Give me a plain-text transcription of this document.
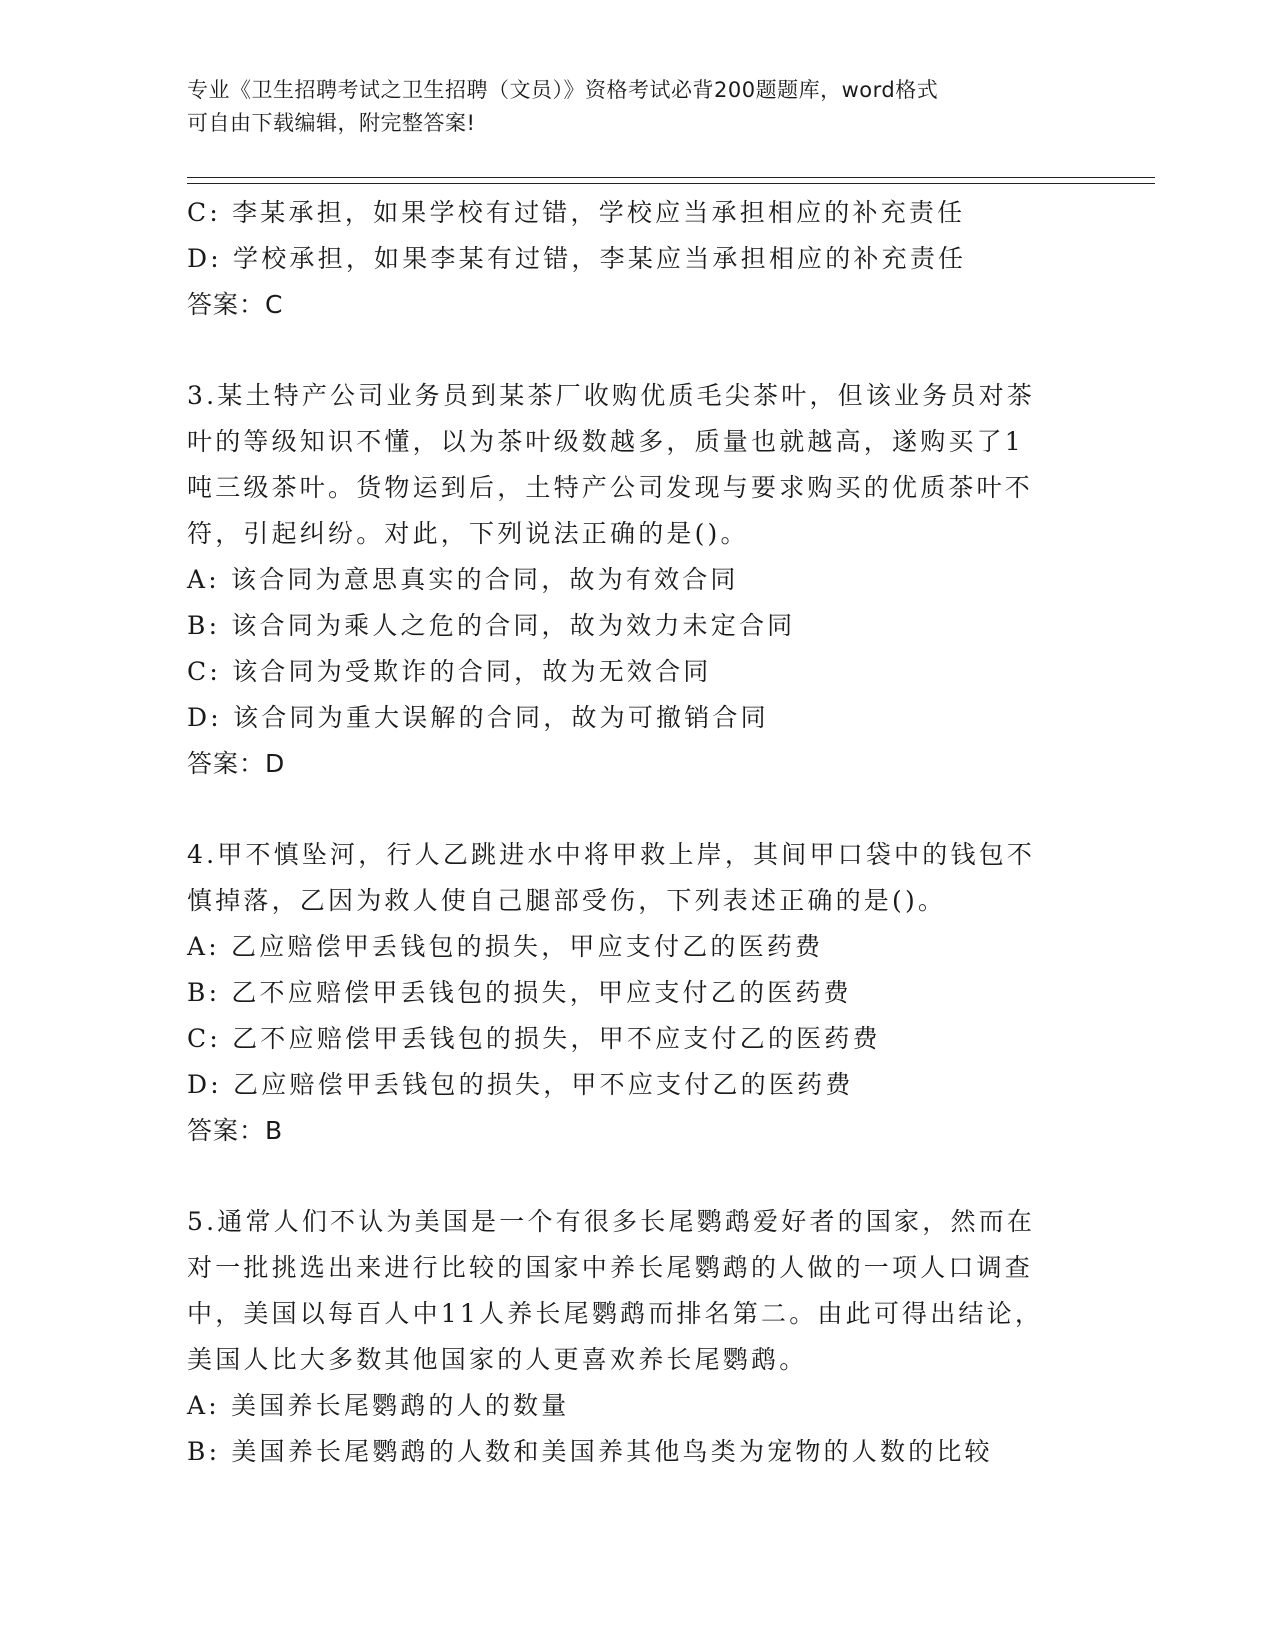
专业《卫生招聘考试之卫生招聘（文员）》资格考试必背200题题库，word格式
可自由下载编辑，附完整答案!
C: 李某承担，如果学校有过错，学校应当承担相应的补充责任
D: 学校承担，如果李某有过错，李某应当承担相应的补充责任
答案：C
3.某土特产公司业务员到某茶厂收购优质毛尖茶叶，但该业务员对茶
叶的等级知识不懂，以为茶叶级数越多，质量也就越高，遂购买了1
吨三级茶叶。货物运到后，土特产公司发现与要求购买的优质茶叶不
符，引起纠纷。对此，下列说法正确的是()。
A: 该合同为意思真实的合同，故为有效合同
B: 该合同为乘人之危的合同，故为效力未定合同
C: 该合同为受欺诈的合同，故为无效合同
D: 该合同为重大误解的合同，故为可撤销合同
答案：D
4.甲不慎坠河，行人乙跳进水中将甲救上岸，其间甲口袋中的钱包不
慎掉落，乙因为救人使自己腿部受伤，下列表述正确的是()。
A: 乙应赔偿甲丢钱包的损失，甲应支付乙的医药费
B: 乙不应赔偿甲丢钱包的损失，甲应支付乙的医药费
C: 乙不应赔偿甲丢钱包的损失，甲不应支付乙的医药费
D: 乙应赔偿甲丢钱包的损失，甲不应支付乙的医药费
答案：B
5.通常人们不认为美国是一个有很多长尾鹦鹉爱好者的国家，然而在
对一批挑选出来进行比较的国家中养长尾鹦鹉的人做的一项人口调查
中，美国以每百人中11人养长尾鹦鹉而排名第二。由此可得出结论，
美国人比大多数其他国家的人更喜欢养长尾鹦鹉。
A: 美国养长尾鹦鹉的人的数量
B: 美国养长尾鹦鹉的人数和美国养其他鸟类为宠物的人数的比较
